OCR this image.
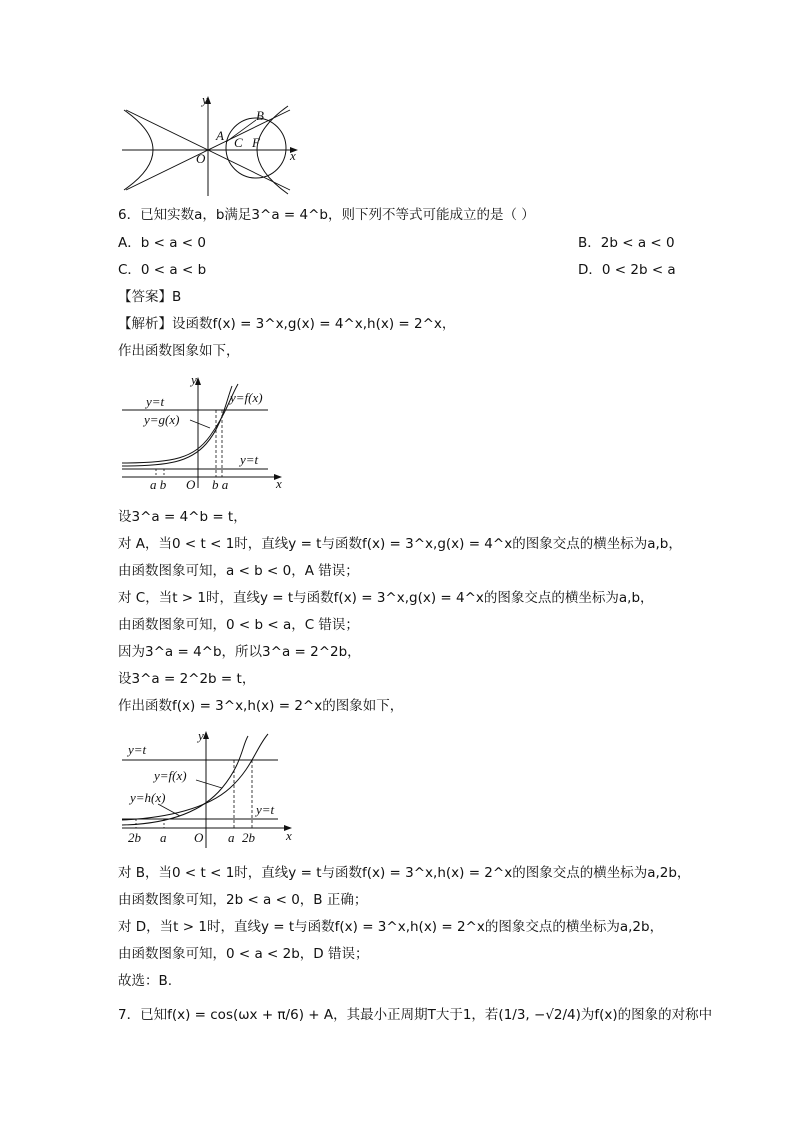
y
x
A
B
C F
O
6．已知实数a，b满足3^a = 4^b，则下列不等式可能成立的是（ ）
A．b < a < 0	B．2b < a < 0
C．0 < a < b	D．0 < 2b < a
【答案】B
【解析】设函数f(x) = 3^x,g(x) = 4^x,h(x) = 2^x，
作出函数图象如下，
y
x
y=t	y=f(x)
y=g(x)
y=t
a b O b a
设3^a = 4^b = t，
对 A，当0 < t < 1时，直线y = t与函数f(x) = 3^x,g(x) = 4^x的图象交点的横坐标为a,b，
由函数图象可知，a < b < 0，A 错误；
对 C，当t > 1时，直线y = t与函数f(x) = 3^x,g(x) = 4^x的图象交点的横坐标为a,b，
由函数图象可知，0 < b < a，C 错误；
因为3^a = 4^b，所以3^a = 2^2b，
设3^a = 2^2b = t，
作出函数f(x) = 3^x,h(x) = 2^x的图象如下，
y
x
y=t
y=f(x)
y=h(x)
y=t
2b a O a 2b
对 B，当0 < t < 1时，直线y = t与函数f(x) = 3^x,h(x) = 2^x的图象交点的横坐标为a,2b，
由函数图象可知，2b < a < 0，B 正确；
对 D，当t > 1时，直线y = t与函数f(x) = 3^x,h(x) = 2^x的图象交点的横坐标为a,2b，
由函数图象可知，0 < a < 2b，D 错误；
故选：B.
7．已知f(x) = cos(ωx + π/6) + A，其最小正周期T大于1，若(1/3, −√2/4)为f(x)的图象的对称中
